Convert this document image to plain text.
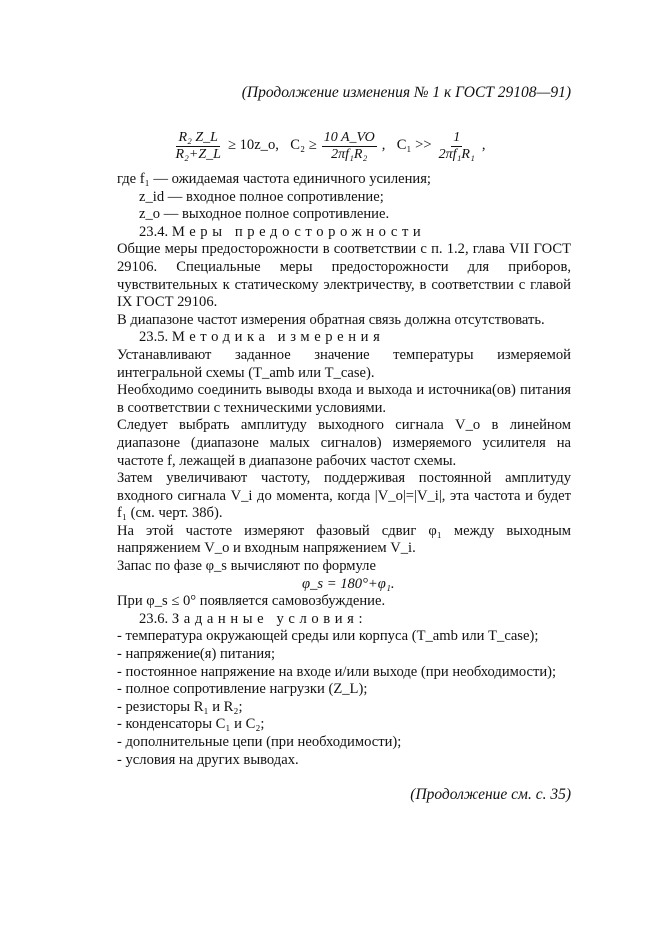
(Продолжение изменения № 1 к ГОСТ 29108—91)
$\frac{\text{R₂ Z\_L}}{\text{R₂+Z\_L}}$ ≥ 10z_o,
$C_2 \ge \frac{10 A\_VO}{\text{2πf₁R₂}}$ ,
$C_1 >> \frac{1}{\text{2πf₁R₁}}$ ,

где f₁ — ожидаемая частота единичного усиления;

z_id — входное полное сопротивление;

z_o — выходное полное сопротивление.

23.4. Меры предосторожности

Общие меры предосторожности в соответствии с п. 1.2, глава VII ГОСТ 29106. Специальные меры предосторожности для приборов, чувствительных к статическому электричеству, в соответствии с главой IX ГОСТ 29106.

В диапазоне частот измерения обратная связь должна отсутствовать.

23.5. Методика измерения

Устанавливают заданное значение температуры измеряемой интегральной схемы (T_amb или T_case).

Необходимо соединить выводы входа и выхода и источника(ов) питания в соответствии с техническими условиями.

Следует выбрать амплитуду выходного сигнала V_o в линейном диапазоне (диапазоне малых сигналов) измеряемого усилителя на частоте f, лежащей в диапазоне рабочих частот схемы.

Затем увеличивают частоту, поддерживая постоянной амплитуду входного сигнала V_i до момента, когда |V_o|=|V_i|, эта частота и будет f₁ (см. черт. 38б).

На этой частоте измеряют фазовый сдвиг φ₁ между выходным напряжением V_o и входным напряжением V_i.

Запас по фазе φ_s вычисляют по формуле

φ_s = 180°+φ₁.

При φ_s ≤ 0° появляется самовозбуждение.

23.6. Заданные условия:

- температура окружающей среды или корпуса (T_amb или T_case);

- напряжение(я) питания;

- постоянное напряжение на входе и/или выходе (при необходимости);

- полное сопротивление нагрузки (Z_L);

- резисторы R₁ и R₂;

- конденсаторы C₁ и C₂;

- дополнительные цепи (при необходимости);

- условия на других выводах.

(Продолжение см. с. 35)
